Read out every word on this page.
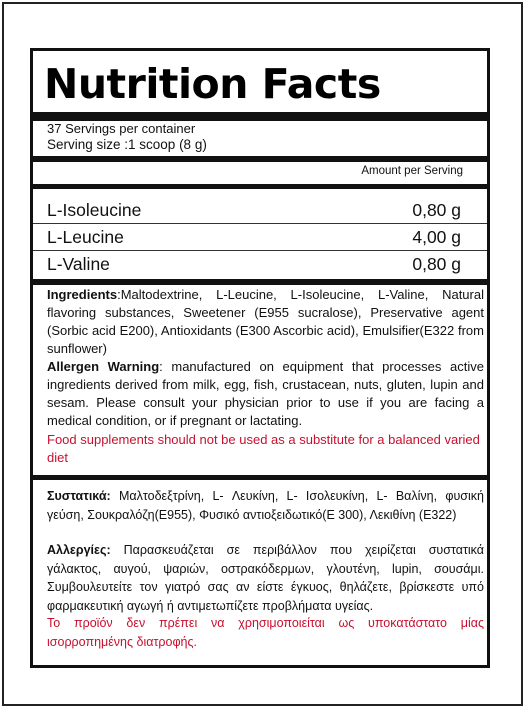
Nutrition Facts
37 Servings per container
Serving size :1 scoop (8 g)
Amount per Serving
L-Isoleucine	0,80 g
L-Leucine	4,00 g
L-Valine	0,80 g
Ingredients:Maltodextrine, L-Leucine, L-Isoleucine, L-Valine, Natural flavoring substances, Sweetener (E955 sucralose), Preservative agent (Sorbic acid E200), Antioxidants (E300 Ascorbic acid), Emulsifier(E322 from sunflower)
Allergen Warning: manufactured on equipment that processes active ingredients derived from milk, egg, fish, crustacean, nuts, gluten, lupin and sesam. Please consult your physician prior to use if you are facing a medical condition, or if pregnant or lactating.
Food supplements should not be used as a substitute for a balanced varied diet
Συστατικά: Μαλτοδεξτρίνη, L- Λευκίνη, L- Ισολευκίνη, L- Βαλίνη, φυσική γεύση, Σουκραλόζη(E955), Φυσικό αντιοξειδωτικό(E 300), Λεκιθίνη (E322)
Αλλεργίες: Παρασκευάζεται σε περιβάλλον που χειρίζεται συστατικά γάλακτος, αυγού, ψαριών, οστρακόδερμων, γλουτένη, lupin, σουσάμι. Συμβουλευτείτε τον γιατρό σας αν είστε έγκυος, θηλάζετε, βρίσκεστε υπό φαρμακευτική αγωγή ή αντιμετωπίζετε προβλήματα υγείας.
Το προϊόν δεν πρέπει να χρησιμοποιείται ως υποκατάστατο μίας ισορροπημένης διατροφής.
